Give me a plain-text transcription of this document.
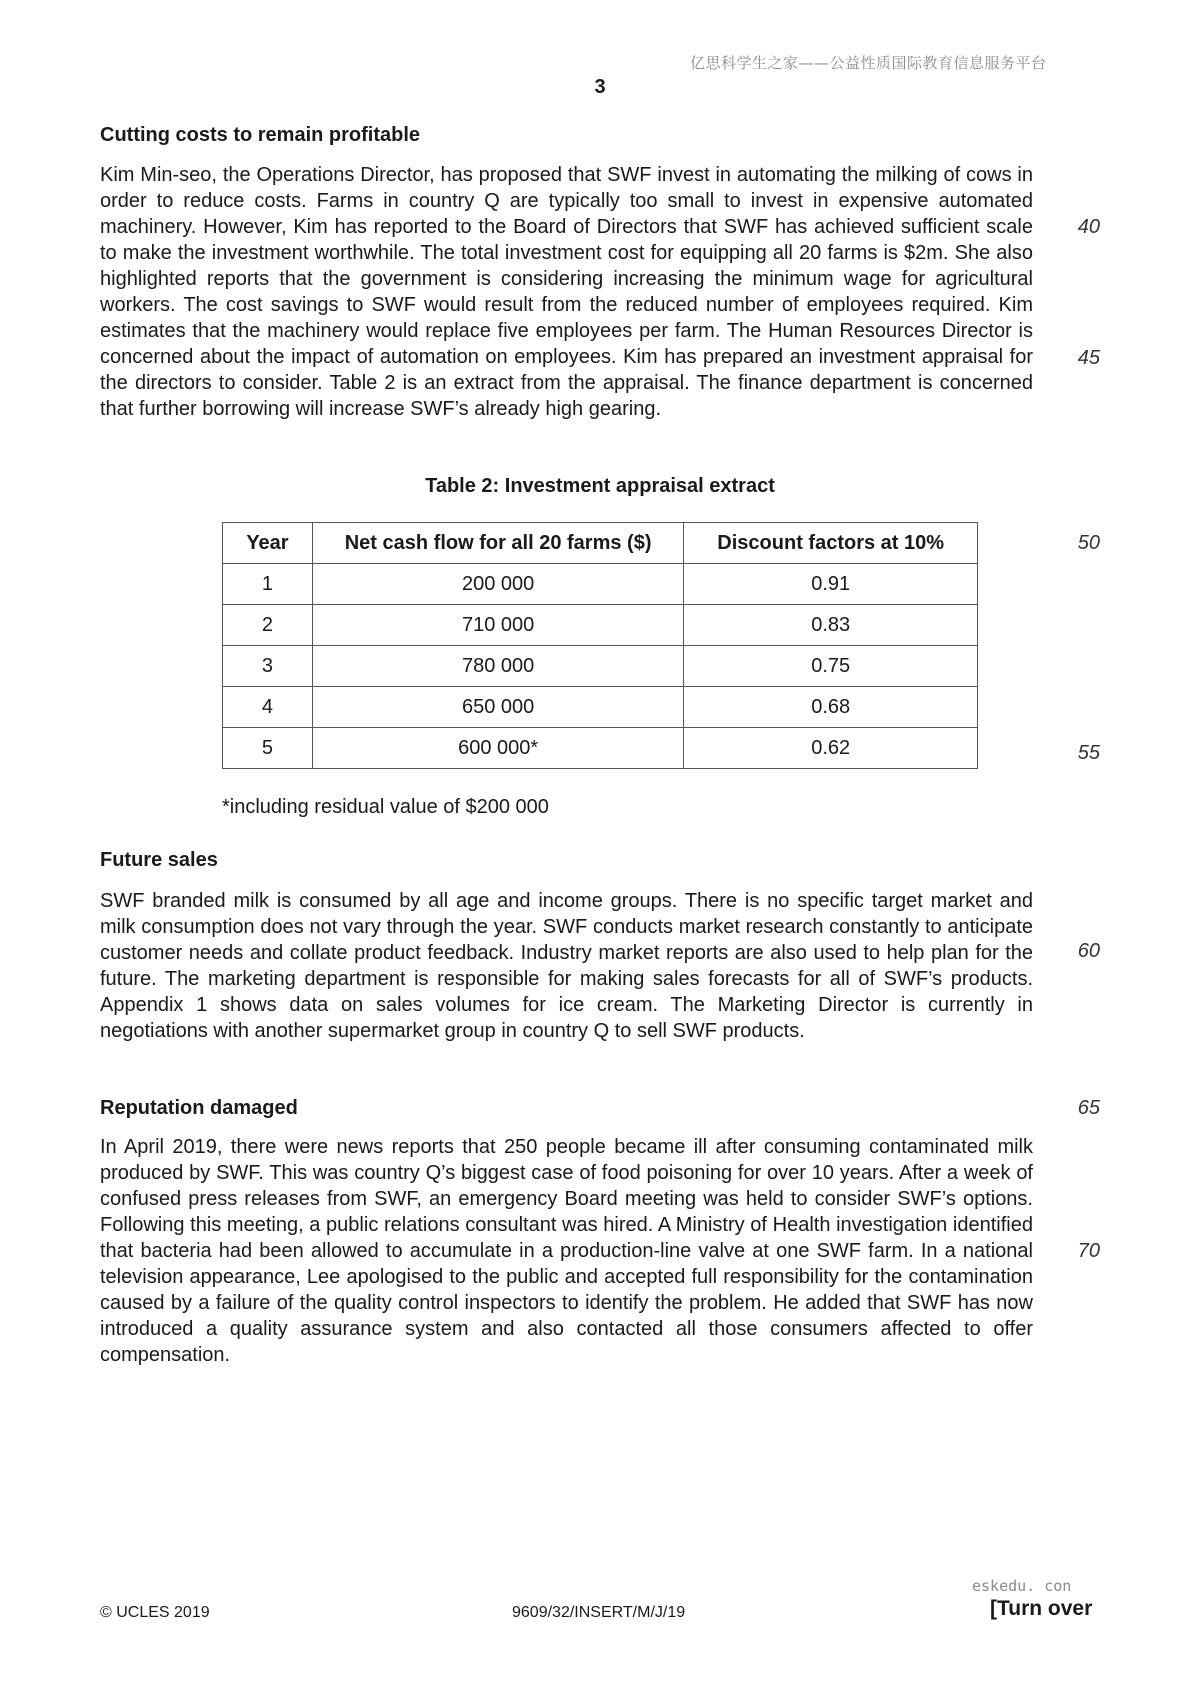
亿思科学生之家——公益性质国际教育信息服务平台
3
Cutting costs to remain profitable

Kim Min-seo, the Operations Director, has proposed that SWF invest in automating the milking of cows in order to reduce costs. Farms in country Q are typically too small to invest in expensive automated machinery. However, Kim has reported to the Board of Directors that SWF has achieved sufficient scale to make the investment worthwhile. The total investment cost for equipping all 20 farms is $2m. She also highlighted reports that the government is considering increasing the minimum wage for agricultural workers. The cost savings to SWF would result from the reduced number of employees required. Kim estimates that the machinery would replace five employees per farm. The Human Resources Director is concerned about the impact of automation on employees. Kim has prepared an investment appraisal for the directors to consider. Table 2 is an extract from the appraisal. The finance department is concerned that further borrowing will increase SWF’s already high gearing.

40
45
50
55
60
65
70
Table 2: Investment appraisal extract
Year	Net cash flow for all 20 farms ($)	Discount factors at 10%
1	200 000	0.91
2	710 000	0.83
3	780 000	0.75
4	650 000	0.68
5	600 000*	0.62
*including residual value of $200 000
Future sales

SWF branded milk is consumed by all age and income groups. There is no specific target market and milk consumption does not vary through the year. SWF conducts market research constantly to anticipate customer needs and collate product feedback. Industry market reports are also used to help plan for the future. The marketing department is responsible for making sales forecasts for all of SWF’s products. Appendix 1 shows data on sales volumes for ice cream. The Marketing Director is currently in negotiations with another supermarket group in country Q to sell SWF products.

Reputation damaged

In April 2019, there were news reports that 250 people became ill after consuming contaminated milk produced by SWF. This was country Q’s biggest case of food poisoning for over 10 years. After a week of confused press releases from SWF, an emergency Board meeting was held to consider SWF’s options. Following this meeting, a public relations consultant was hired. A Ministry of Health investigation identified that bacteria had been allowed to accumulate in a production-line valve at one SWF farm. In a national television appearance, Lee apologised to the public and accepted full responsibility for the contamination caused by a failure of the quality control inspectors to identify the problem. He added that SWF has now introduced a quality assurance system and also contacted all those consumers affected to offer compensation.

eskedu. con
© UCLES 2019	9609/32/INSERT/M/J/19	[Turn over
